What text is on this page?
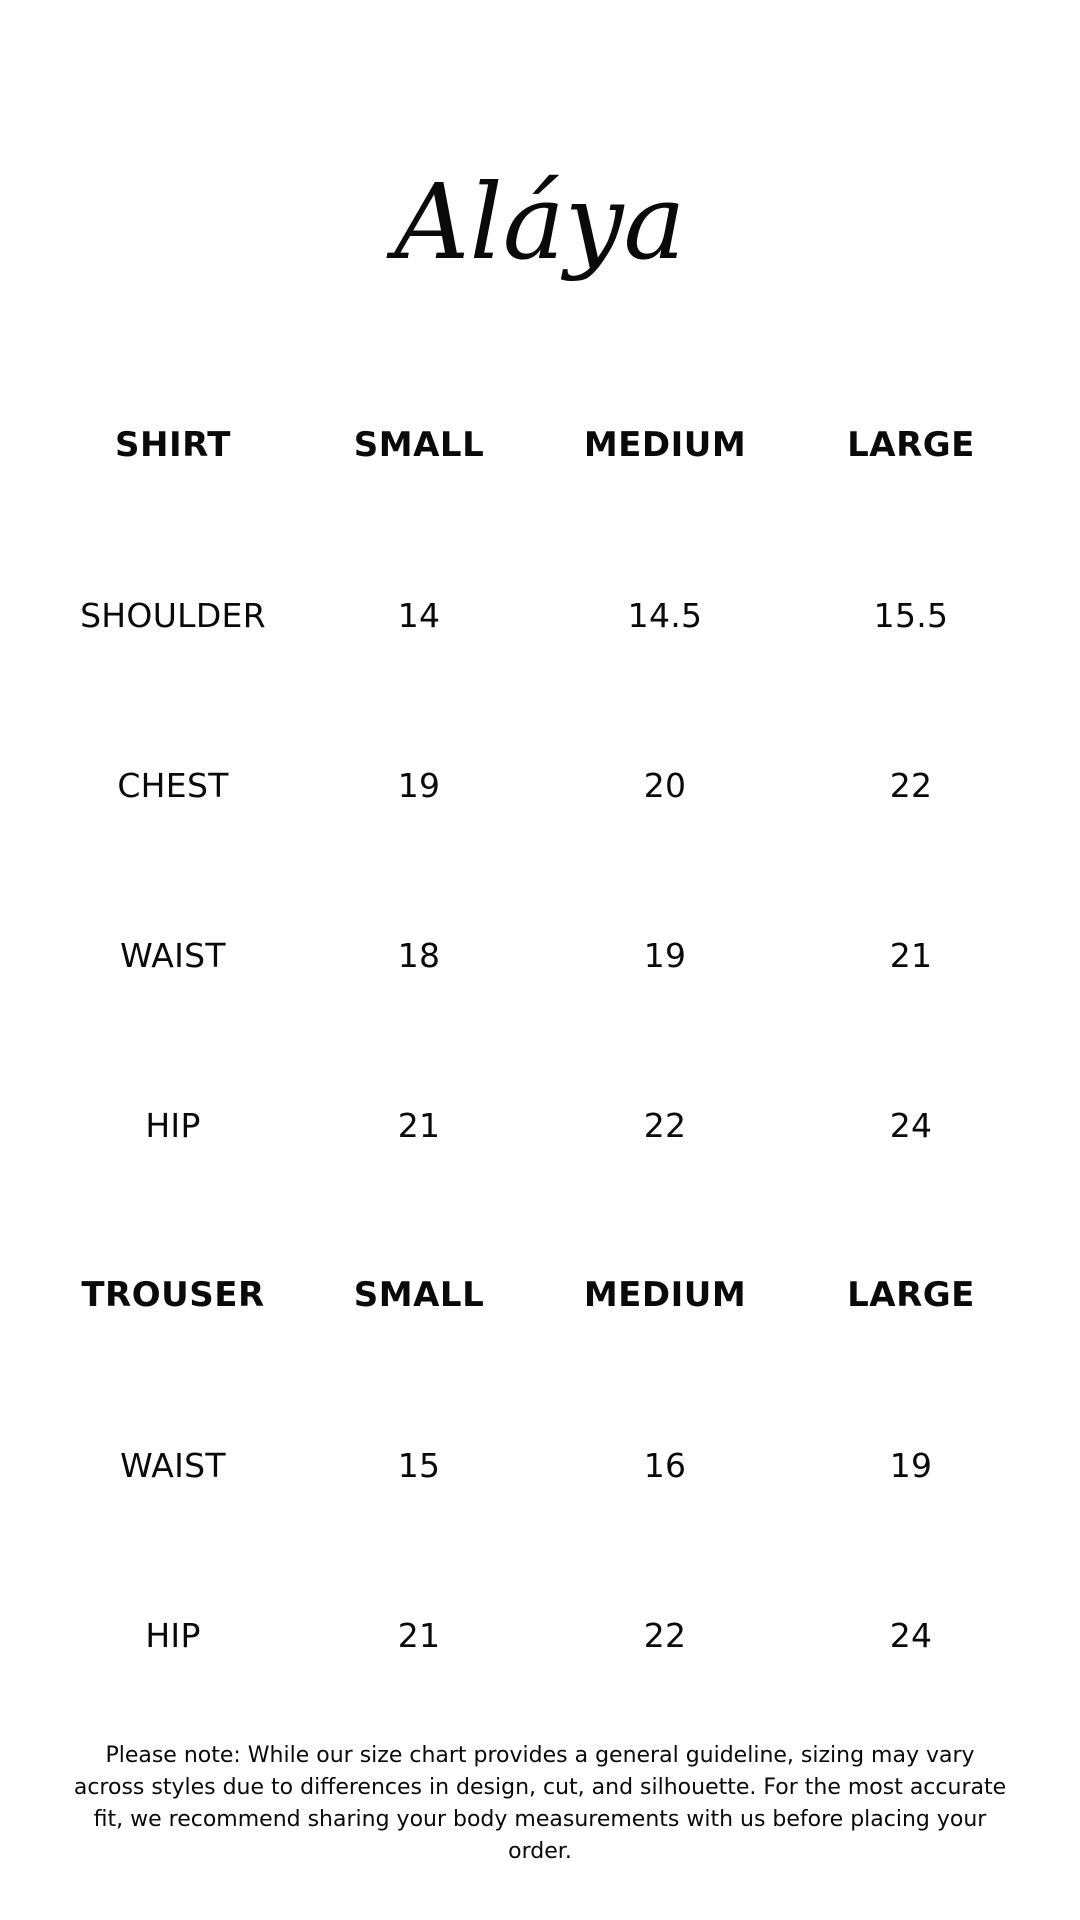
Aláya
SHIRT	SMALL	MEDIUM	LARGE
SHOULDER	14	14.5	15.5
CHEST	19	20	22
WAIST	18	19	21
HIP	21	22	24
TROUSER	SMALL	MEDIUM	LARGE
WAIST	15	16	19
HIP	21	22	24

Please note: While our size chart provides a general guideline, sizing may vary across styles due to differences in design, cut, and silhouette. For the most accurate fit, we recommend sharing your body measurements with us before placing your order.
